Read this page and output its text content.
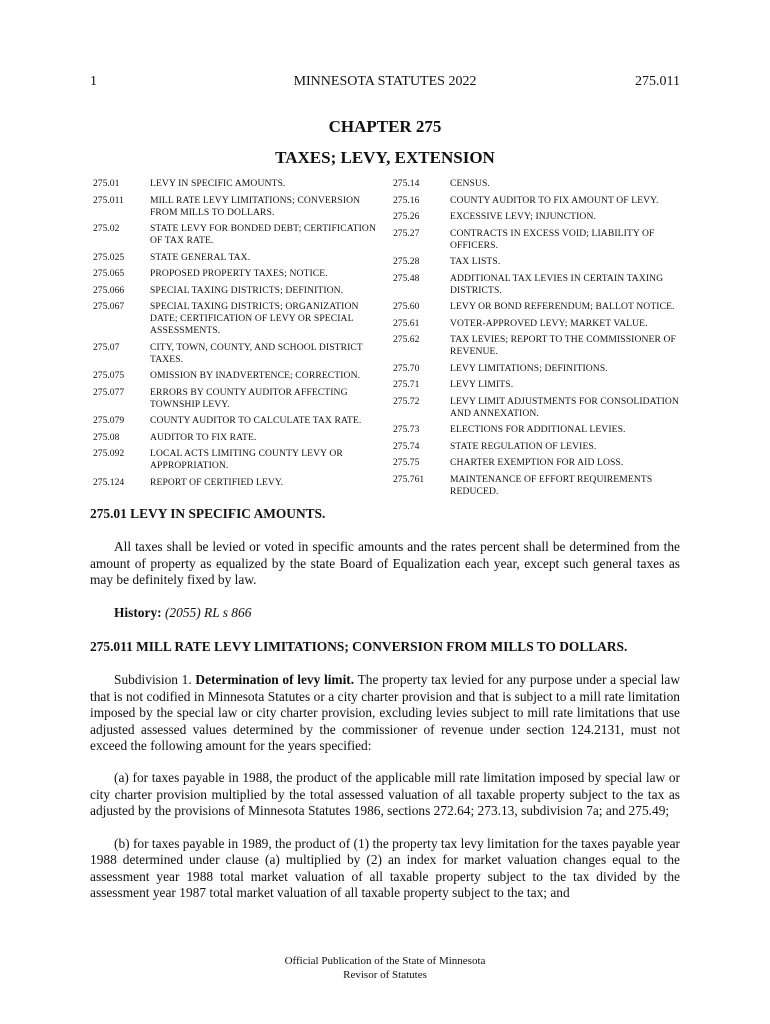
1	MINNESOTA STATUTES 2022	275.011
CHAPTER 275
TAXES; LEVY, EXTENSION
275.01	LEVY IN SPECIFIC AMOUNTS.
275.011	MILL RATE LEVY LIMITATIONS; CONVERSION FROM MILLS TO DOLLARS.
275.02	STATE LEVY FOR BONDED DEBT; CERTIFICATION OF TAX RATE.
275.025	STATE GENERAL TAX.
275.065	PROPOSED PROPERTY TAXES; NOTICE.
275.066	SPECIAL TAXING DISTRICTS; DEFINITION.
275.067	SPECIAL TAXING DISTRICTS; ORGANIZATION DATE; CERTIFICATION OF LEVY OR SPECIAL ASSESSMENTS.
275.07	CITY, TOWN, COUNTY, AND SCHOOL DISTRICT TAXES.
275.075	OMISSION BY INADVERTENCE; CORRECTION.
275.077	ERRORS BY COUNTY AUDITOR AFFECTING TOWNSHIP LEVY.
275.079	COUNTY AUDITOR TO CALCULATE TAX RATE.
275.08	AUDITOR TO FIX RATE.
275.092	LOCAL ACTS LIMITING COUNTY LEVY OR APPROPRIATION.
275.124	REPORT OF CERTIFIED LEVY.
275.14	CENSUS.
275.16	COUNTY AUDITOR TO FIX AMOUNT OF LEVY.
275.26	EXCESSIVE LEVY; INJUNCTION.
275.27	CONTRACTS IN EXCESS VOID; LIABILITY OF OFFICERS.
275.28	TAX LISTS.
275.48	ADDITIONAL TAX LEVIES IN CERTAIN TAXING DISTRICTS.
275.60	LEVY OR BOND REFERENDUM; BALLOT NOTICE.
275.61	VOTER-APPROVED LEVY; MARKET VALUE.
275.62	TAX LEVIES; REPORT TO THE COMMISSIONER OF REVENUE.
275.70	LEVY LIMITATIONS; DEFINITIONS.
275.71	LEVY LIMITS.
275.72	LEVY LIMIT ADJUSTMENTS FOR CONSOLIDATION AND ANNEXATION.
275.73	ELECTIONS FOR ADDITIONAL LEVIES.
275.74	STATE REGULATION OF LEVIES.
275.75	CHARTER EXEMPTION FOR AID LOSS.
275.761	MAINTENANCE OF EFFORT REQUIREMENTS REDUCED.
275.01 LEVY IN SPECIFIC AMOUNTS.

All taxes shall be levied or voted in specific amounts and the rates percent shall be determined from the amount of property as equalized by the state Board of Equalization each year, except such general taxes as may be definitely fixed by law.

History: (2055) RL s 866

275.011 MILL RATE LEVY LIMITATIONS; CONVERSION FROM MILLS TO DOLLARS.

Subdivision 1. Determination of levy limit. The property tax levied for any purpose under a special law that is not codified in Minnesota Statutes or a city charter provision and that is subject to a mill rate limitation imposed by the special law or city charter provision, excluding levies subject to mill rate limitations that use adjusted assessed values determined by the commissioner of revenue under section 124.2131, must not exceed the following amount for the years specified:

(a) for taxes payable in 1988, the product of the applicable mill rate limitation imposed by special law or city charter provision multiplied by the total assessed valuation of all taxable property subject to the tax as adjusted by the provisions of Minnesota Statutes 1986, sections 272.64; 273.13, subdivision 7a; and 275.49;

(b) for taxes payable in 1989, the product of (1) the property tax levy limitation for the taxes payable year 1988 determined under clause (a) multiplied by (2) an index for market valuation changes equal to the assessment year 1988 total market valuation of all taxable property subject to the tax divided by the assessment year 1987 total market valuation of all taxable property subject to the tax; and

Official Publication of the State of Minnesota
Revisor of Statutes
